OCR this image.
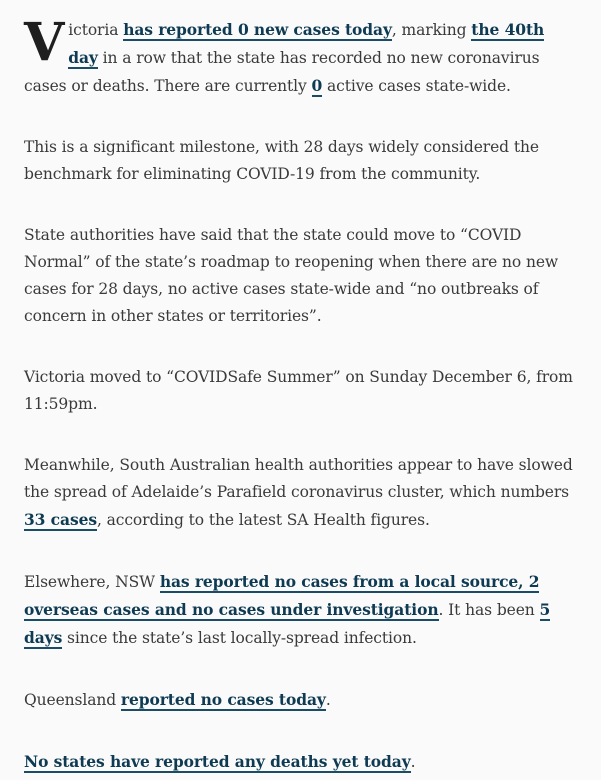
Victoria has reported 0 new cases today, marking the 40th day in a row that the state has recorded no new coronavirus cases or deaths. There are currently 0 active cases state-wide.

This is a significant milestone, with 28 days widely considered the benchmark for eliminating COVID-19 from the community.

State authorities have said that the state could move to “COVID Normal” of the state’s roadmap to reopening when there are no new cases for 28 days, no active cases state-wide and “no outbreaks of concern in other states or territories”.

Victoria moved to “COVIDSafe Summer” on Sunday December 6, from 11:59pm.

Meanwhile, South Australian health authorities appear to have slowed the spread of Adelaide’s Parafield coronavirus cluster, which numbers 33 cases, according to the latest SA Health figures.

Elsewhere, NSW has reported no cases from a local source, 2 overseas cases and no cases under investigation. It has been 5 days since the state’s last locally-spread infection.

Queensland reported no cases today.

No states have reported any deaths yet today.
